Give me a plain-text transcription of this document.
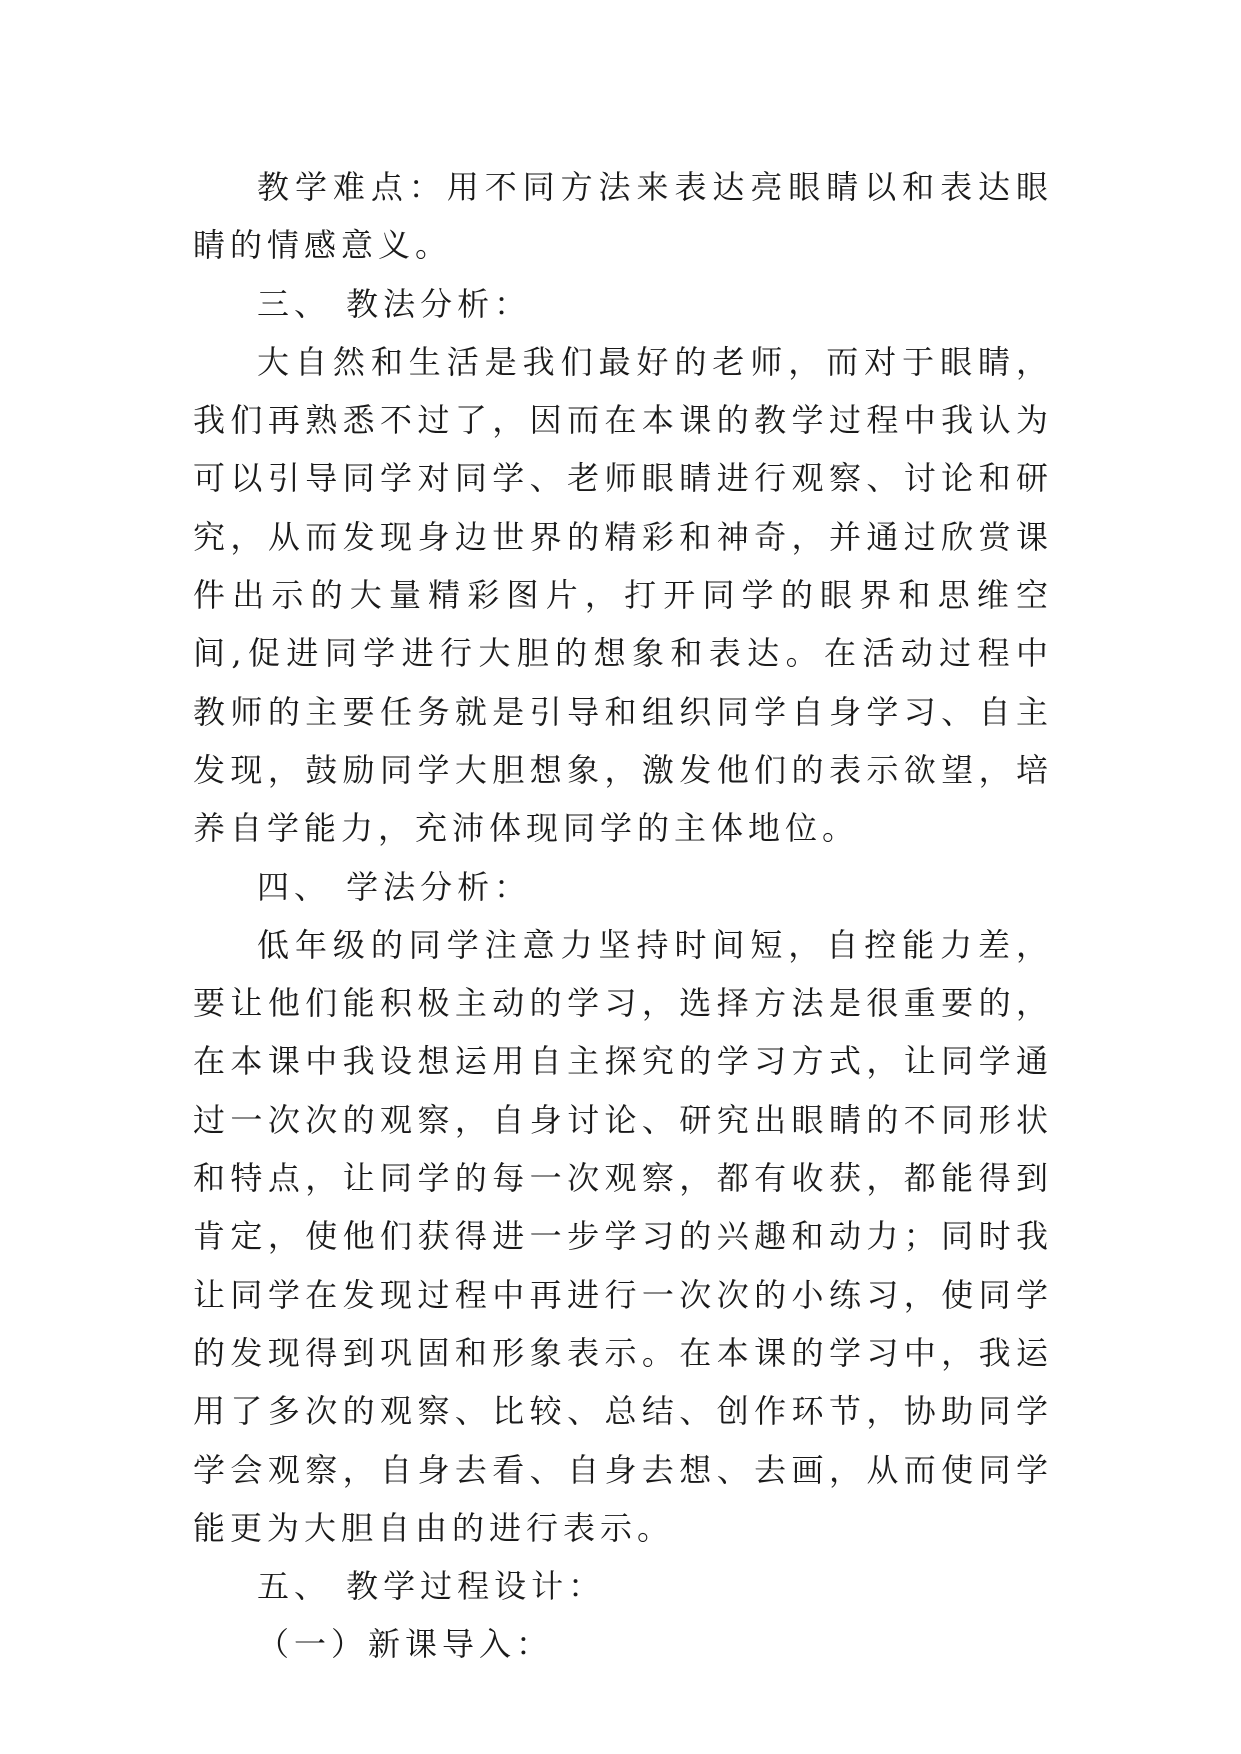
教学难点：用不同方法来表达亮眼睛以和表达眼睛的情感意义。

三、 教法分析：

大自然和生活是我们最好的老师，而对于眼睛，我们再熟悉不过了，因而在本课的教学过程中我认为可以引导同学对同学、老师眼睛进行观察、讨论和研究，从而发现身边世界的精彩和神奇，并通过欣赏课件出示的大量精彩图片，打开同学的眼界和思维空间,促进同学进行大胆的想象和表达。在活动过程中教师的主要任务就是引导和组织同学自身学习、自主发现，鼓励同学大胆想象，激发他们的表示欲望，培养自学能力，充沛体现同学的主体地位。

四、 学法分析：

低年级的同学注意力坚持时间短，自控能力差，要让他们能积极主动的学习，选择方法是很重要的，在本课中我设想运用自主探究的学习方式，让同学通过一次次的观察，自身讨论、研究出眼睛的不同形状和特点，让同学的每一次观察，都有收获，都能得到肯定，使他们获得进一步学习的兴趣和动力；同时我让同学在发现过程中再进行一次次的小练习，使同学的发现得到巩固和形象表示。在本课的学习中，我运用了多次的观察、比较、总结、创作环节，协助同学学会观察，自身去看、自身去想、去画，从而使同学能更为大胆自由的进行表示。

五、 教学过程设计：

（一）新课导入：
